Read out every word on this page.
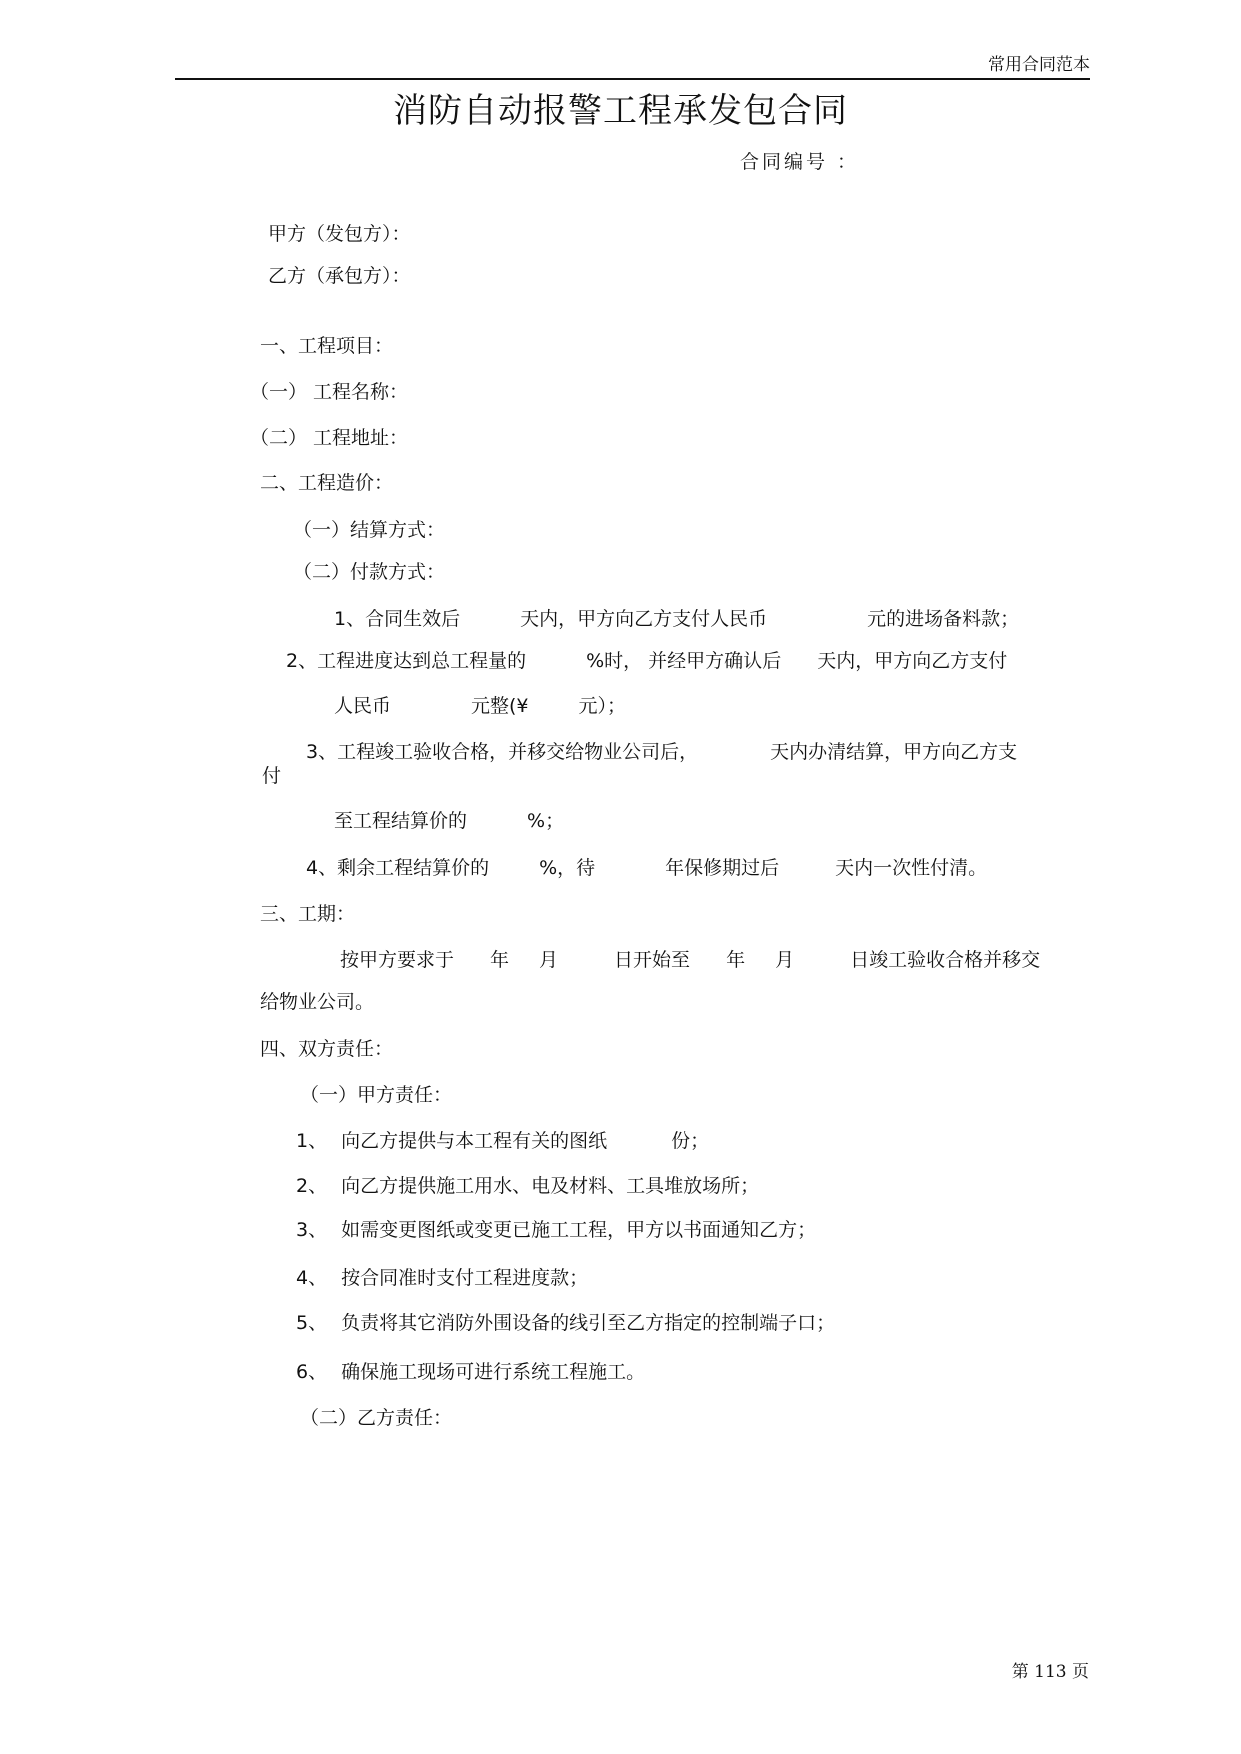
常用合同范本
消防自动报警工程承发包合同
合同编号 ：
甲方（发包方）：
乙方（承包方）：
一、工程项目：
（一） 工程名称：
（二） 工程地址：
二、工程造价：
（一）结算方式：
（二）付款方式：
1、合同生效后	天内，甲方向乙方支付人民币	元的进场备料款；
2、工程进度达到总工程量的	%时， 并经甲方确认后 天内，甲方向乙方支付
人民币	元整(¥	元）；
3、工程竣工验收合格，并移交给物业公司后，	天内办清结算，甲方向乙方支
付
至工程结算价的	%；
4、剩余工程结算价的	%，待	年保修期过后	天内一次性付清。
三、工期：
按甲方要求于 年 月	日开始至 年 月	日竣工验收合格并移交
给物业公司。
四、双方责任：
（一）甲方责任：
1、 向乙方提供与本工程有关的图纸	份；
2、 向乙方提供施工用水、电及材料、工具堆放场所；
3、 如需变更图纸或变更已施工工程，甲方以书面通知乙方；
4、 按合同准时支付工程进度款；
5、 负责将其它消防外围设备的线引至乙方指定的控制端子口；
6、 确保施工现场可进行系统工程施工。
（二）乙方责任：
第 113 页
